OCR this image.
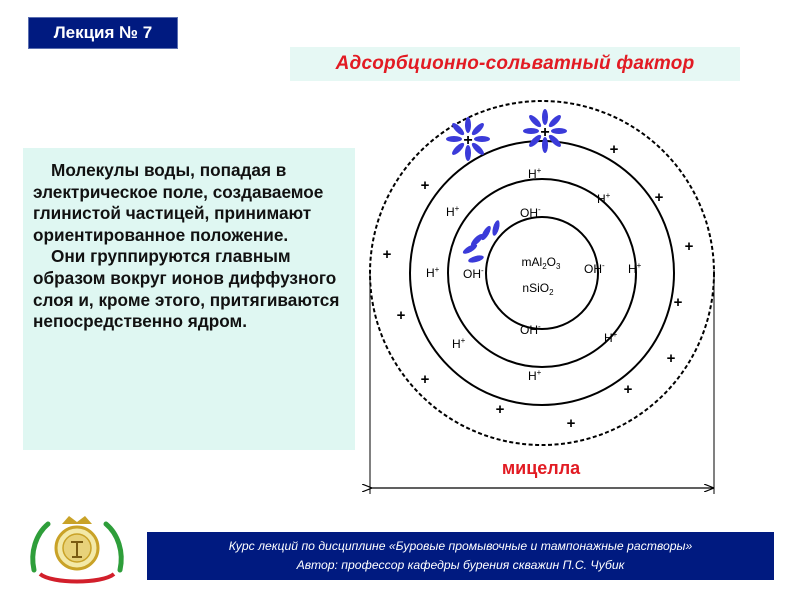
Лекция № 7
Адсорбционно-сольватный фактор

Молекулы воды, попадая в электрическое поле, создаваемое глинистой частицей, принимают ориентированное положение.

Они группируются главным образом вокруг ионов диффузного слоя и, кроме этого, притягиваются непосредственно ядром.

$mAl_2O_3$
nSiO$_2$
OH-
OH-	OH-
OH-
H+
H+
H+
H+	H+
H+	H+
H+
+
+
+
+	+
+
+
+
+
+
+
+
+	+
мицелла
Курс лекций по дисциплине «Буровые промывочные и тампонажные растворы»
Автор: профессор кафедры бурения скважин П.С. Чубик
